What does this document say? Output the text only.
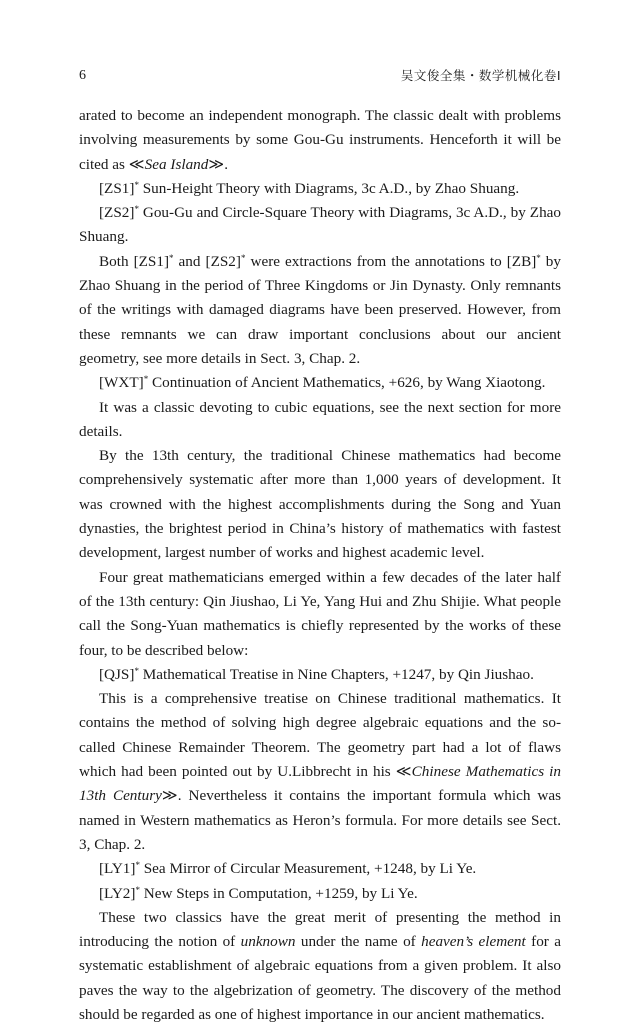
6	吴文俊全集・数学机械化卷I

arated to become an independent monograph. The classic dealt with problems involving measurements by some Gou-Gu instruments. Henceforth it will be cited as ≪Sea Island≫.

[ZS1]* Sun-Height Theory with Diagrams, 3c A.D., by Zhao Shuang.

[ZS2]* Gou-Gu and Circle-Square Theory with Diagrams, 3c A.D., by Zhao Shuang.

Both [ZS1]* and [ZS2]* were extractions from the annotations to [ZB]* by Zhao Shuang in the period of Three Kingdoms or Jin Dynasty. Only remnants of the writings with damaged diagrams have been preserved. However, from these remnants we can draw important conclusions about our ancient geometry, see more details in Sect. 3, Chap. 2.

[WXT]* Continuation of Ancient Mathematics, +626, by Wang Xiaotong.

It was a classic devoting to cubic equations, see the next section for more details.

By the 13th century, the traditional Chinese mathematics had become comprehensively systematic after more than 1,000 years of development. It was crowned with the highest accomplishments during the Song and Yuan dynasties, the brightest period in China’s history of mathematics with fastest development, largest number of works and highest academic level.

Four great mathematicians emerged within a few decades of the later half of the 13th century: Qin Jiushao, Li Ye, Yang Hui and Zhu Shijie. What people call the Song-Yuan mathematics is chiefly represented by the works of these four, to be described below:

[QJS]* Mathematical Treatise in Nine Chapters, +1247, by Qin Jiushao.

This is a comprehensive treatise on Chinese traditional mathematics. It contains the method of solving high degree algebraic equations and the so-called Chinese Remainder Theorem. The geometry part had a lot of flaws which had been pointed out by U.Libbrecht in his ≪Chinese Mathematics in 13th Century≫. Nevertheless it contains the important formula which was named in Western mathematics as Heron’s formula. For more details see Sect. 3, Chap. 2.

[LY1]* Sea Mirror of Circular Measurement, +1248, by Li Ye.

[LY2]* New Steps in Computation, +1259, by Li Ye.

These two classics have the great merit of presenting the method in introducing the notion of unknown under the name of heaven’s element for a systematic establishment of algebraic equations from a given problem. It also paves the way to the algebrization of geometry. The discovery of the method should be regarded as one of highest importance in our ancient mathematics.
